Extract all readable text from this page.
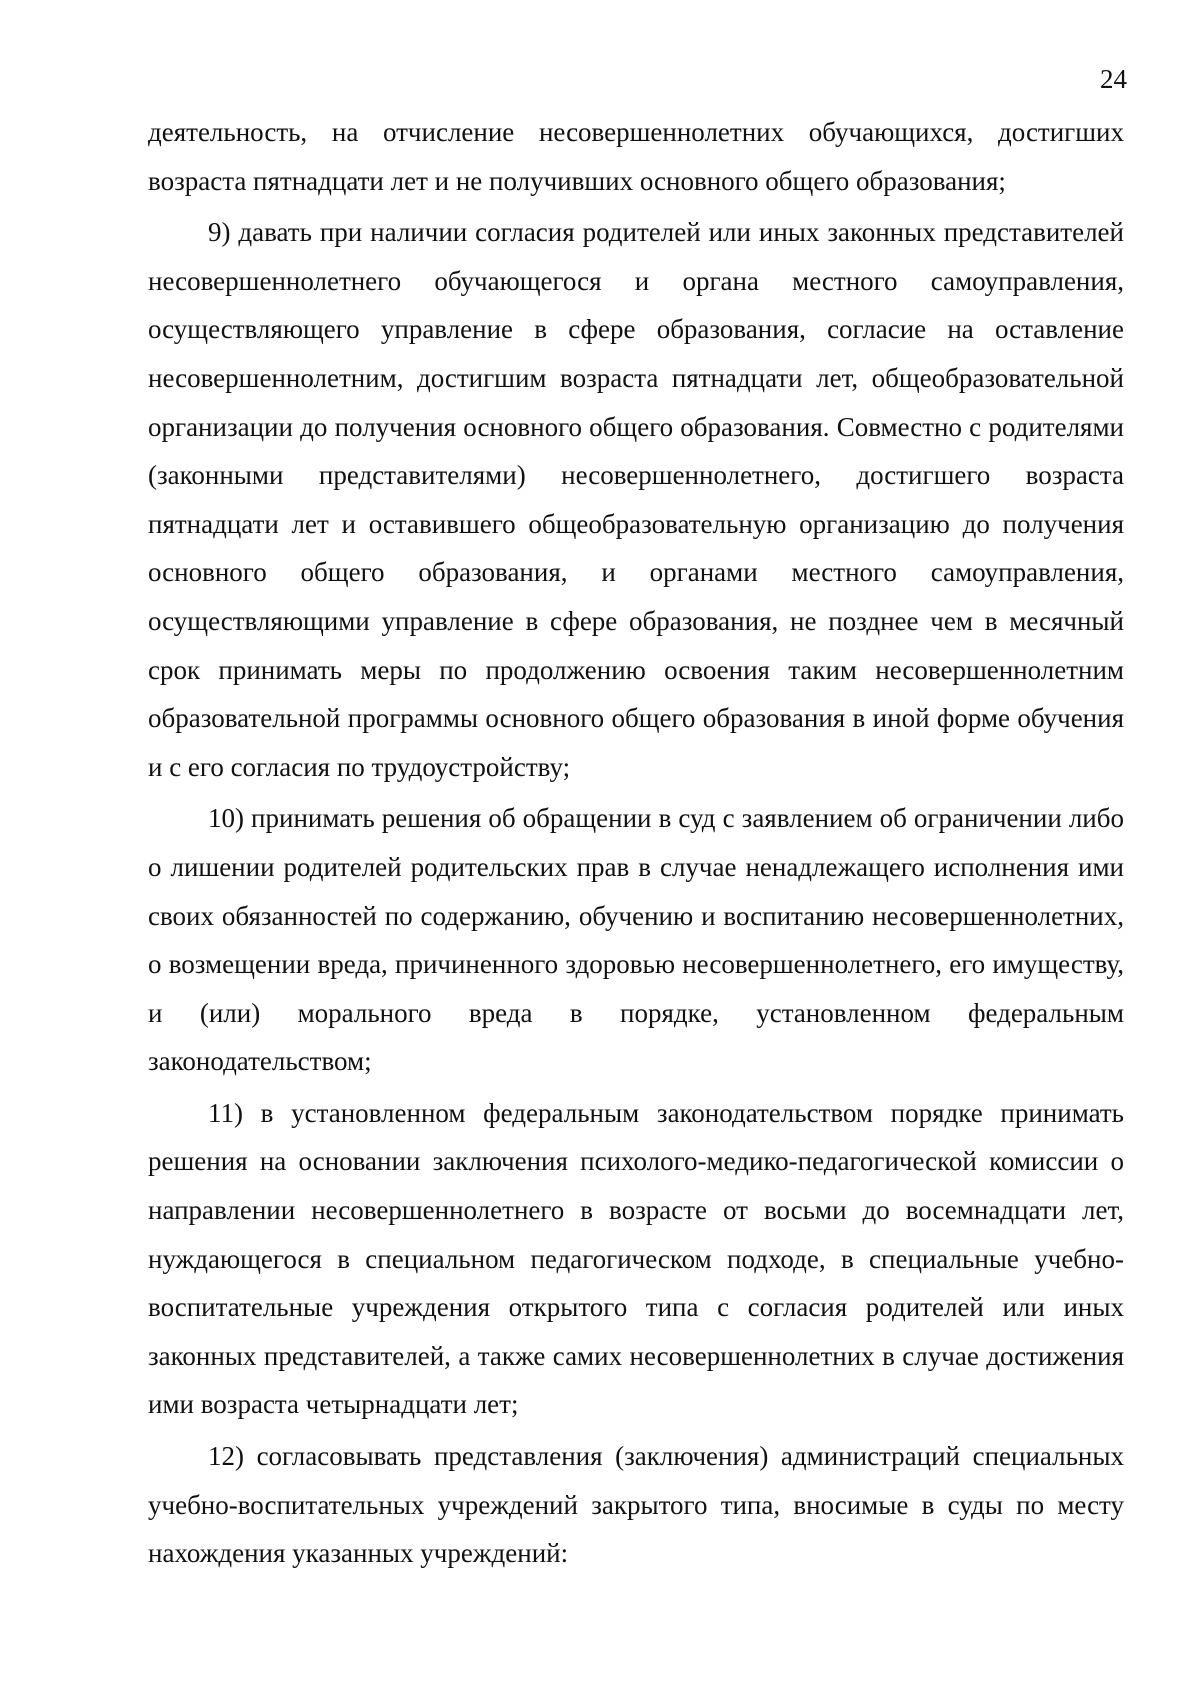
24

деятельность, на отчисление несовершеннолетних обучающихся, достигших возраста пятнадцати лет и не получивших основного общего образования;

9) давать при наличии согласия родителей или иных законных представителей несовершеннолетнего обучающегося и органа местного самоуправления, осуществляющего управление в сфере образования, согласие на оставление несовершеннолетним, достигшим возраста пятнадцати лет, общеобразовательной организации до получения основного общего образования. Совместно с родителями (законными представителями) несовершеннолетнего, достигшего возраста пятнадцати лет и оставившего общеобразовательную организацию до получения основного общего образования, и органами местного самоуправления, осуществляющими управление в сфере образования, не позднее чем в месячный срок принимать меры по продолжению освоения таким несовершеннолетним образовательной программы основного общего образования в иной форме обучения и с его согласия по трудоустройству;

10) принимать решения об обращении в суд с заявлением об ограничении либо о лишении родителей родительских прав в случае ненадлежащего исполнения ими своих обязанностей по содержанию, обучению и воспитанию несовершеннолетних, о возмещении вреда, причиненного здоровью несовершеннолетнего, его имуществу, и (или) морального вреда в порядке, установленном федеральным законодательством;

11) в установленном федеральным законодательством порядке принимать решения на основании заключения психолого-медико-педагогической комиссии о направлении несовершеннолетнего в возрасте от восьми до восемнадцати лет, нуждающегося в специальном педагогическом подходе, в специальные учебно-воспитательные учреждения открытого типа с согласия родителей или иных законных представителей, а также самих несовершеннолетних в случае достижения ими возраста четырнадцати лет;

12) согласовывать представления (заключения) администраций специальных учебно-воспитательных учреждений закрытого типа, вносимые в суды по месту нахождения указанных учреждений:
